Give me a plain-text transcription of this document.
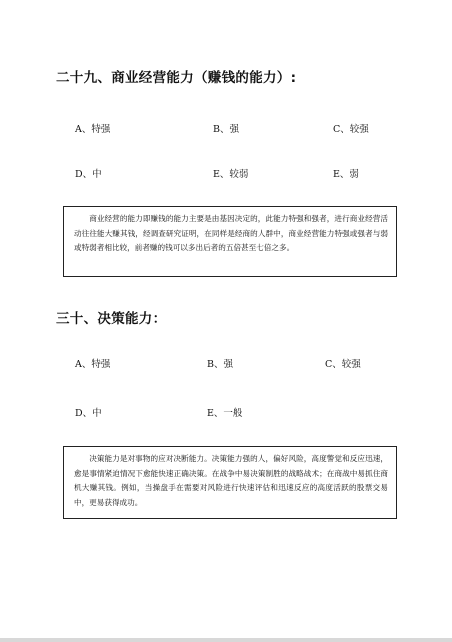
二十九、商业经营能力（赚钱的能力）:
A、特强	B、强	C、较强
D、中	E、较弱	E、弱
商业经营的能力即赚钱的能力主要是由基因决定的，此能力特强和强者，进行商业经营活动往往能大赚其钱，经调查研究证明，在同样是经商的人群中，商业经营能力特强或强者与弱或特弱者相比较，前者赚的钱可以多出后者的五倍甚至七倍之多。
三十、决策能力：
A、特强	B、强	C、较强
D、中	E、一般
决策能力是对事物的应对决断能力。决策能力强的人，偏好风险，高度警觉和反应迅速，愈是事情紧迫情况下愈能快速正确决策。在战争中易决策制胜的战略战术；在商战中易抓住商机大赚其钱。例如，当操盘手在需要对风险进行快速评估和迅速反应的高度活跃的股票交易中，更易获得成功。
